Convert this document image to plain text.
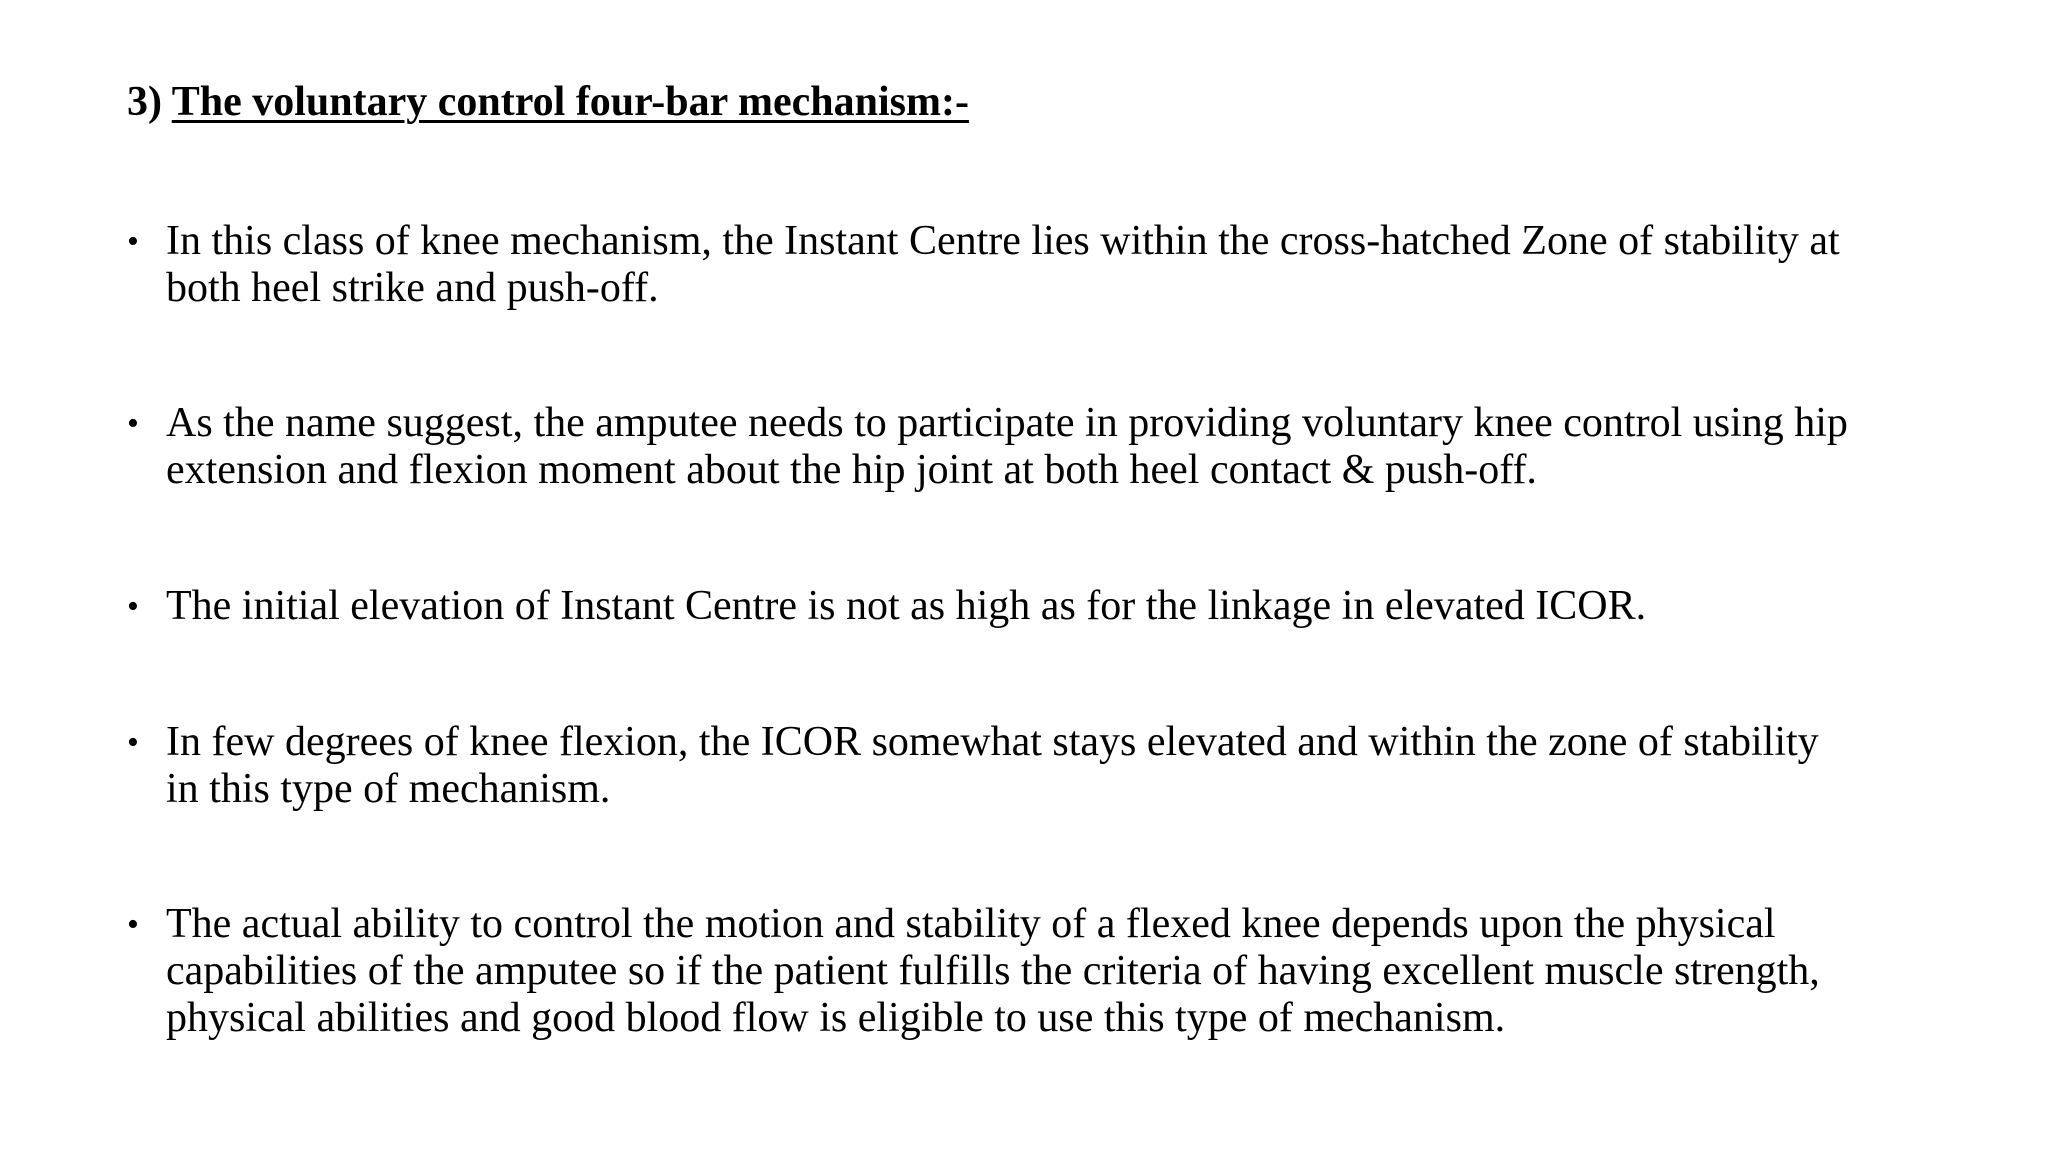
3) The voluntary control four-bar mechanism:-
• In this class of knee mechanism, the Instant Centre lies within the cross-hatched Zone of stability at
both heel strike and push-off.
• As the name suggest, the amputee needs to participate in providing voluntary knee control using hip
extension and flexion moment about the hip joint at both heel contact & push-off.
• The initial elevation of Instant Centre is not as high as for the linkage in elevated ICOR.
• In few degrees of knee flexion, the ICOR somewhat stays elevated and within the zone of stability
in this type of mechanism.
• The actual ability to control the motion and stability of a flexed knee depends upon the physical
capabilities of the amputee so if the patient fulfills the criteria of having excellent muscle strength,
physical abilities and good blood flow is eligible to use this type of mechanism.
